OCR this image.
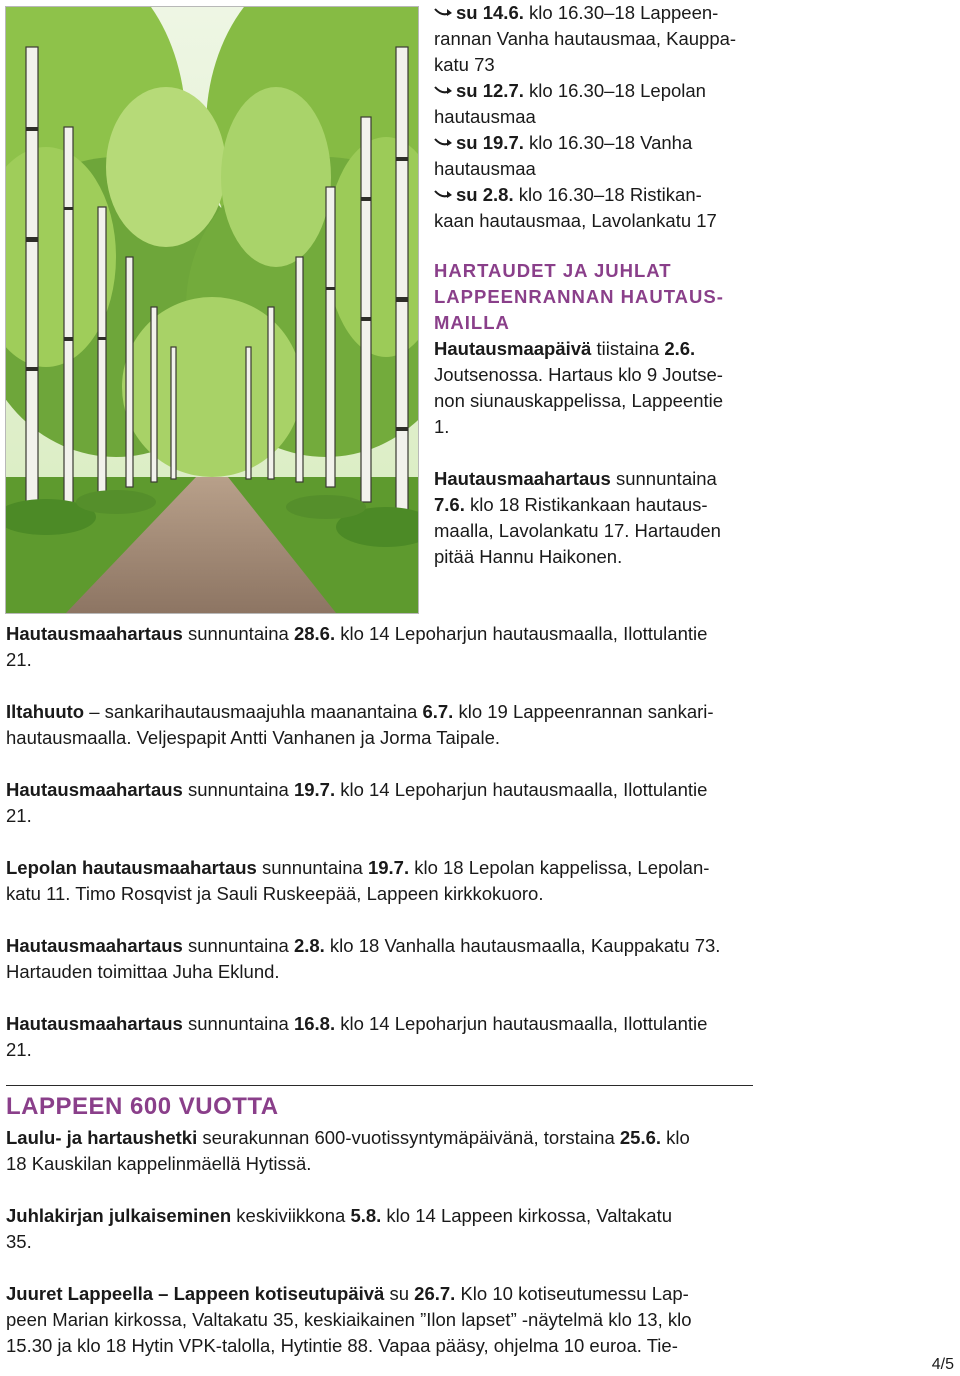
su 14.6. klo 16.30–18 Lappeen-
rannan Vanha hautausmaa, Kauppa-
katu 73
su 12.7. klo 16.30–18 Lepolan
hautausmaa
su 19.7. klo 16.30–18 Vanha
hautausmaa
su 2.8. klo 16.30–18 Ristikan-
kaan hautausmaa, Lavolankatu 17

HARTAUDET JA JUHLAT
LAPPEENRANNAN HAUTAUS-
MAILLA

Hautausmaapäivä tiistaina 2.6.
Joutsenossa. Hartaus klo 9 Joutse-
non siunauskappelissa, Lappeentie
1.

Hautausmaahartaus sunnuntaina
7.6. klo 18 Ristikankaan hautaus-
maalla, Lavolankatu 17. Hartauden
pitää Hannu Haikonen.

Hautausmaahartaus sunnuntaina 28.6. klo 14 Lepoharjun hautausmaalla, Ilottulantie
21.

Iltahuuto – sankarihautausmaajuhla maanantaina 6.7. klo 19 Lappeenrannan sankari-
hautausmaalla. Veljespapit Antti Vanhanen ja Jorma Taipale.

Hautausmaahartaus sunnuntaina 19.7. klo 14 Lepoharjun hautausmaalla, Ilottulantie
21.

Lepolan hautausmaahartaus sunnuntaina 19.7. klo 18 Lepolan kappelissa, Lepolan-
katu 11. Timo Rosqvist ja Sauli Ruskeepää, Lappeen kirkkokuoro.

Hautausmaahartaus sunnuntaina 2.8. klo 18 Vanhalla hautausmaalla, Kauppakatu 73.
Hartauden toimittaa Juha Eklund.

Hautausmaahartaus sunnuntaina 16.8. klo 14 Lepoharjun hautausmaalla, Ilottulantie
21.

LAPPEEN 600 VUOTTA

Laulu- ja hartaushetki seurakunnan 600-vuotissyntymäpäivänä, torstaina 25.6. klo
18 Kauskilan kappelinmäellä Hytissä.

Juhlakirjan julkaiseminen keskiviikkona 5.8. klo 14 Lappeen kirkossa, Valtakatu
35.

Juuret Lappeella – Lappeen kotiseutupäivä su 26.7. Klo 10 kotiseutumessu Lap-
peen Marian kirkossa, Valtakatu 35, keskiaikainen ”Ilon lapset” -näytelmä klo 13, klo
15.30 ja klo 18 Hytin VPK-talolla, Hytintie 88. Vapaa pääsy, ohjelma 10 euroa. Tie-

4/5
